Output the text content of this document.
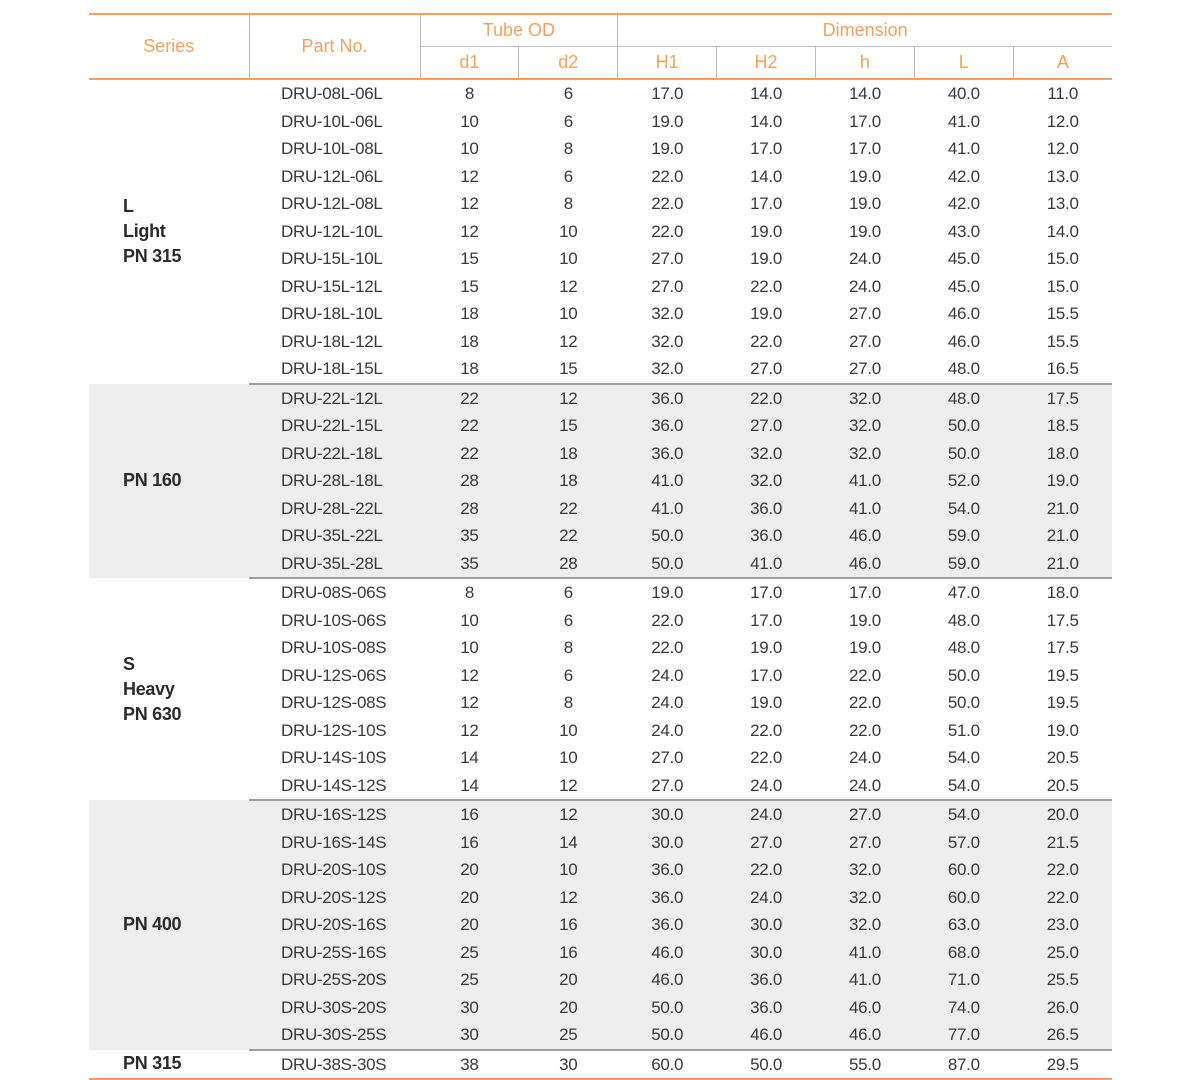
Series	Part No.	Tube OD		Dimension				
		d1	d2	H1	H2	h	L	A

L
Light
PN 315	DRU-08L-06L	8	6	17.0	14.0	14.0	40.0	11.0
	DRU-10L-06L	10	6	19.0	14.0	17.0	41.0	12.0
	DRU-10L-08L	10	8	19.0	17.0	17.0	41.0	12.0
	DRU-12L-06L	12	6	22.0	14.0	19.0	42.0	13.0
	DRU-12L-08L	12	8	22.0	17.0	19.0	42.0	13.0
	DRU-12L-10L	12	10	22.0	19.0	19.0	43.0	14.0
	DRU-15L-10L	15	10	27.0	19.0	24.0	45.0	15.0
	DRU-15L-12L	15	12	27.0	22.0	24.0	45.0	15.0
	DRU-18L-10L	18	10	32.0	19.0	27.0	46.0	15.5
	DRU-18L-12L	18	12	32.0	22.0	27.0	46.0	15.5
	DRU-18L-15L	18	15	32.0	27.0	27.0	48.0	16.5

PN 160	DRU-22L-12L	22	12	36.0	22.0	32.0	48.0	17.5
	DRU-22L-15L	22	15	36.0	27.0	32.0	50.0	18.5
	DRU-22L-18L	22	18	36.0	32.0	32.0	50.0	18.0
	DRU-28L-18L	28	18	41.0	32.0	41.0	52.0	19.0
	DRU-28L-22L	28	22	41.0	36.0	41.0	54.0	21.0
	DRU-35L-22L	35	22	50.0	36.0	46.0	59.0	21.0
	DRU-35L-28L	35	28	50.0	41.0	46.0	59.0	21.0

S
Heavy
PN 630	DRU-08S-06S	8	6	19.0	17.0	17.0	47.0	18.0
	DRU-10S-06S	10	6	22.0	17.0	19.0	48.0	17.5
	DRU-10S-08S	10	8	22.0	19.0	19.0	48.0	17.5
	DRU-12S-06S	12	6	24.0	17.0	22.0	50.0	19.5
	DRU-12S-08S	12	8	24.0	19.0	22.0	50.0	19.5
	DRU-12S-10S	12	10	24.0	22.0	22.0	51.0	19.0
	DRU-14S-10S	14	10	27.0	22.0	24.0	54.0	20.5
	DRU-14S-12S	14	12	27.0	24.0	24.0	54.0	20.5

PN 400	DRU-16S-12S	16	12	30.0	24.0	27.0	54.0	20.0
	DRU-16S-14S	16	14	30.0	27.0	27.0	57.0	21.5
	DRU-20S-10S	20	10	36.0	22.0	32.0	60.0	22.0
	DRU-20S-12S	20	12	36.0	24.0	32.0	60.0	22.0
	DRU-20S-16S	20	16	36.0	30.0	32.0	63.0	23.0
	DRU-25S-16S	25	16	46.0	30.0	41.0	68.0	25.0
	DRU-25S-20S	25	20	46.0	36.0	41.0	71.0	25.5
	DRU-30S-20S	30	20	50.0	36.0	46.0	74.0	26.0
	DRU-30S-25S	30	25	50.0	46.0	46.0	77.0	26.5

PN 315	DRU-38S-30S	38	30	60.0	50.0	55.0	87.0	29.5
